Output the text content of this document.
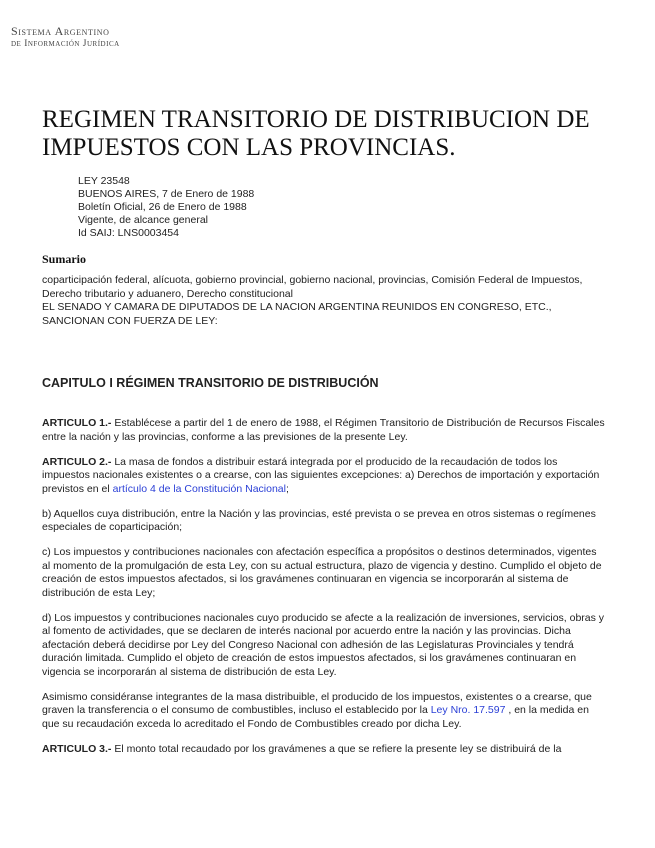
Sistema Argentino
de Información Jurídica
REGIMEN TRANSITORIO DE DISTRIBUCION DE IMPUESTOS CON LAS PROVINCIAS.
LEY 23548
BUENOS AIRES, 7 de Enero de 1988
Boletín Oficial, 26 de Enero de 1988
Vigente, de alcance general
Id SAIJ: LNS0003454
Sumario
coparticipación federal, alícuota, gobierno provincial, gobierno nacional, provincias, Comisión Federal de Impuestos, Derecho tributario y aduanero, Derecho constitucional
EL SENADO Y CAMARA DE DIPUTADOS DE LA NACION ARGENTINA REUNIDOS EN CONGRESO, ETC., SANCIONAN CON FUERZA DE LEY:
CAPITULO I RÉGIMEN TRANSITORIO DE DISTRIBUCIÓN

ARTICULO 1.- Establécese a partir del 1 de enero de 1988, el Régimen Transitorio de Distribución de Recursos Fiscales entre la nación y las provincias, conforme a las previsiones de la presente Ley.

ARTICULO 2.- La masa de fondos a distribuir estará integrada por el producido de la recaudación de todos los impuestos nacionales existentes o a crearse, con las siguientes excepciones: a) Derechos de importación y exportación previstos en el artículo 4 de la Constitución Nacional;

b) Aquellos cuya distribución, entre la Nación y las provincias, esté prevista o se prevea en otros sistemas o regímenes especiales de coparticipación;

c) Los impuestos y contribuciones nacionales con afectación específica a propósitos o destinos determinados, vigentes al momento de la promulgación de esta Ley, con su actual estructura, plazo de vigencia y destino. Cumplido el objeto de creación de estos impuestos afectados, si los gravámenes continuaran en vigencia se incorporarán al sistema de distribución de esta Ley;

d) Los impuestos y contribuciones nacionales cuyo producido se afecte a la realización de inversiones, servicios, obras y al fomento de actividades, que se declaren de interés nacional por acuerdo entre la nación y las provincias. Dicha afectación deberá decidirse por Ley del Congreso Nacional con adhesión de las Legislaturas Provinciales y tendrá duración limitada. Cumplido el objeto de creación de estos impuestos afectados, si los gravámenes continuaran en vigencia se incorporarán al sistema de distribución de esta Ley.

Asimismo considéranse integrantes de la masa distribuible, el producido de los impuestos, existentes o a crearse, que graven la transferencia o el consumo de combustibles, incluso el establecido por la Ley Nro. 17.597 , en la medida en que su recaudación exceda lo acreditado el Fondo de Combustibles creado por dicha Ley.

ARTICULO 3.- El monto total recaudado por los gravámenes a que se refiere la presente ley se distribuirá de la
